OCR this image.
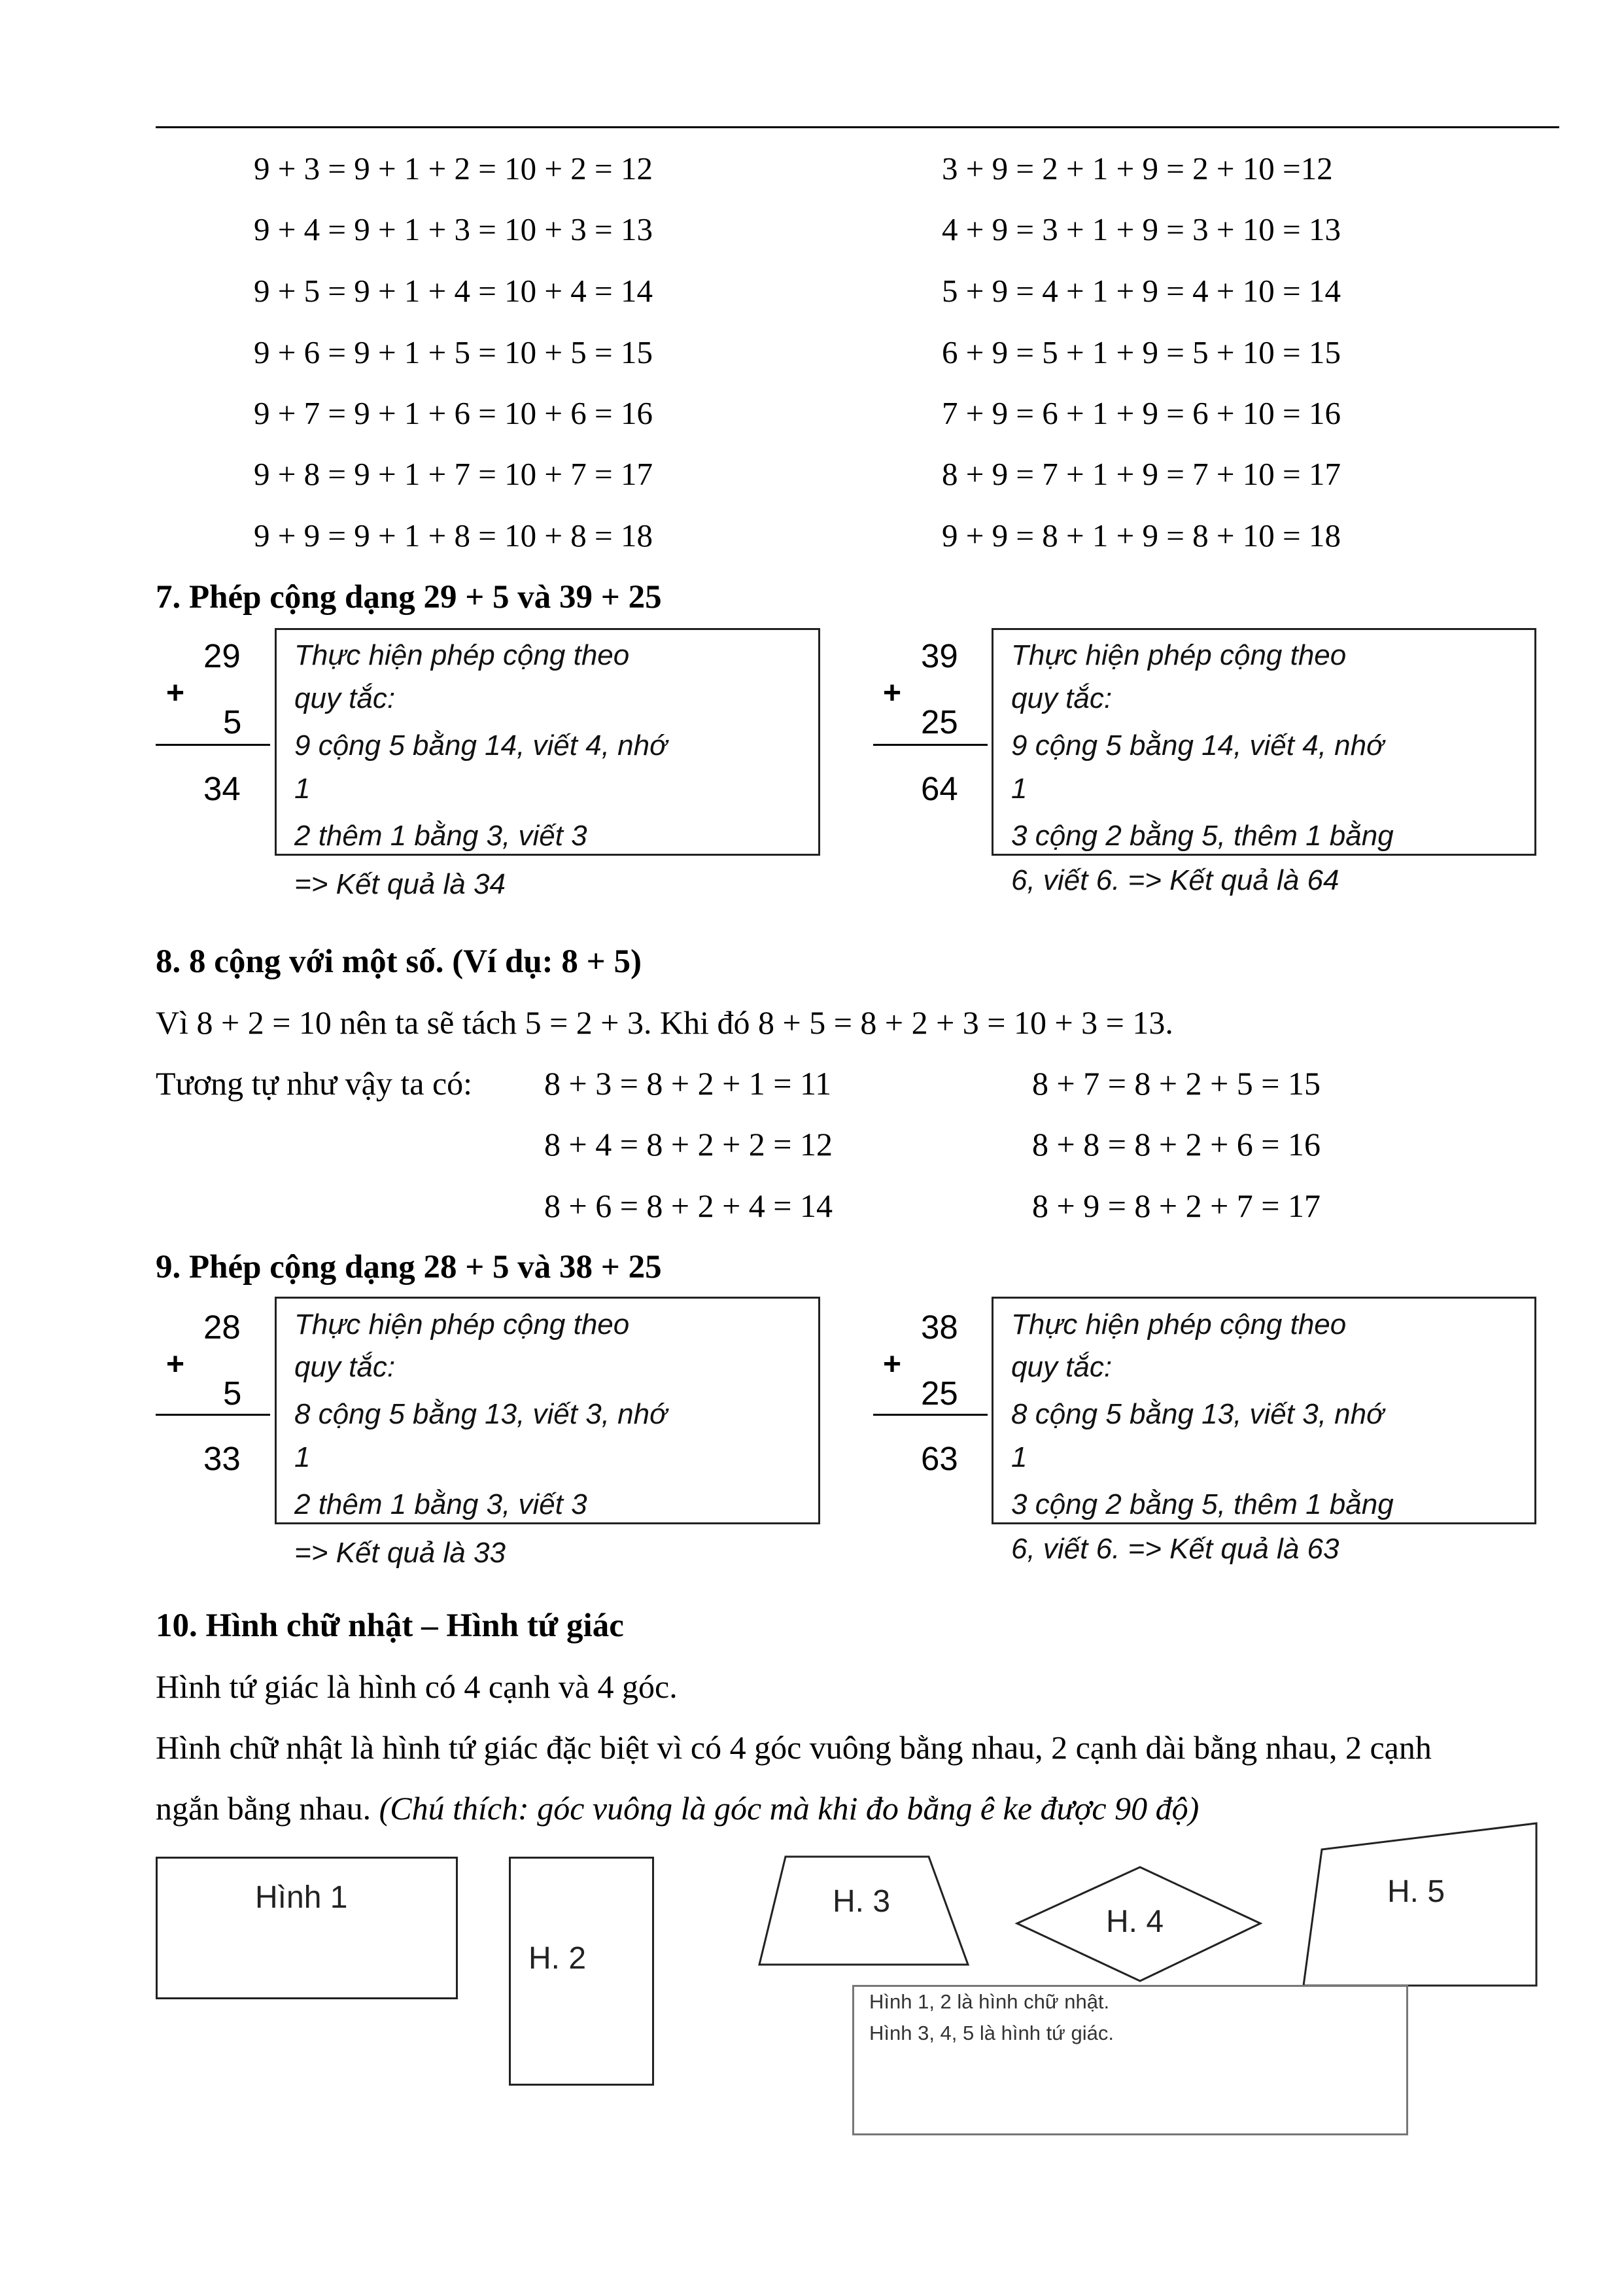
9 + 3 = 9 + 1 + 2 = 10 + 2 = 12
9 + 4 = 9 + 1 + 3 = 10 + 3 = 13
9 + 5 = 9 + 1 + 4 = 10 + 4 = 14
9 + 6 = 9 + 1 + 5 = 10 + 5 = 15
9 + 7 = 9 + 1 + 6 = 10 + 6 = 16
9 + 8 = 9 + 1 + 7 = 10 + 7 = 17
9 + 9 = 9 + 1 + 8 = 10 + 8 = 18
3 + 9 = 2 + 1 + 9 = 2 + 10 =12
4 + 9 = 3 + 1 + 9 = 3 + 10 = 13
5 + 9 = 4 + 1 + 9 = 4 + 10 = 14
6 + 9 = 5 + 1 + 9 = 5 + 10 = 15
7 + 9 = 6 + 1 + 9 = 6 + 10 = 16
8 + 9 = 7 + 1 + 9 = 7 + 10 = 17
9 + 9 = 8 + 1 + 9 = 8 + 10 = 18
7. Phép cộng dạng 29 + 5 và 39 + 25
29
+
5
34
Thực hiện phép cộng theo
quy tắc:
9 cộng 5 bằng 14, viết 4, nhớ
1
2 thêm 1 bằng 3, viết 3
=> Kết quả là 34
39
+
25
64
Thực hiện phép cộng theo
quy tắc:
9 cộng 5 bằng 14, viết 4, nhớ
1
3 cộng 2 bằng 5, thêm 1 bằng
6, viết 6. => Kết quả là 64
8. 8 cộng với một số. (Ví dụ: 8 + 5)
Vì 8 + 2 = 10 nên ta sẽ tách 5 = 2 + 3. Khi đó 8 + 5 = 8 + 2 + 3 = 10 + 3 = 13.
Tương tự như vậy ta có: 8 + 3 = 8 + 2 + 1 = 11
8 + 4 = 8 + 2 + 2 = 12
8 + 6 = 8 + 2 + 4 = 14
8 + 7 = 8 + 2 + 5 = 15
8 + 8 = 8 + 2 + 6 = 16
8 + 9 = 8 + 2 + 7 = 17
9. Phép cộng dạng 28 + 5 và 38 + 25
28
+
5
33
Thực hiện phép cộng theo
quy tắc:
8 cộng 5 bằng 13, viết 3, nhớ
1
2 thêm 1 bằng 3, viết 3
=> Kết quả là 33
38
+
25
63
Thực hiện phép cộng theo
quy tắc:
8 cộng 5 bằng 13, viết 3, nhớ
1
3 cộng 2 bằng 5, thêm 1 bằng
6, viết 6. => Kết quả là 63
10. Hình chữ nhật – Hình tứ giác
Hình tứ giác là hình có 4 cạnh và 4 góc.
Hình chữ nhật là hình tứ giác đặc biệt vì có 4 góc vuông bằng nhau, 2 cạnh dài bằng nhau, 2 cạnh
ngắn bằng nhau. (Chú thích: góc vuông là góc mà khi đo bằng ê ke được 90 độ)
Hình 1
H. 2
H. 3
H. 4
H. 5
Hình 1, 2 là hình chữ nhật.
Hình 3, 4, 5 là hình tứ giác.
